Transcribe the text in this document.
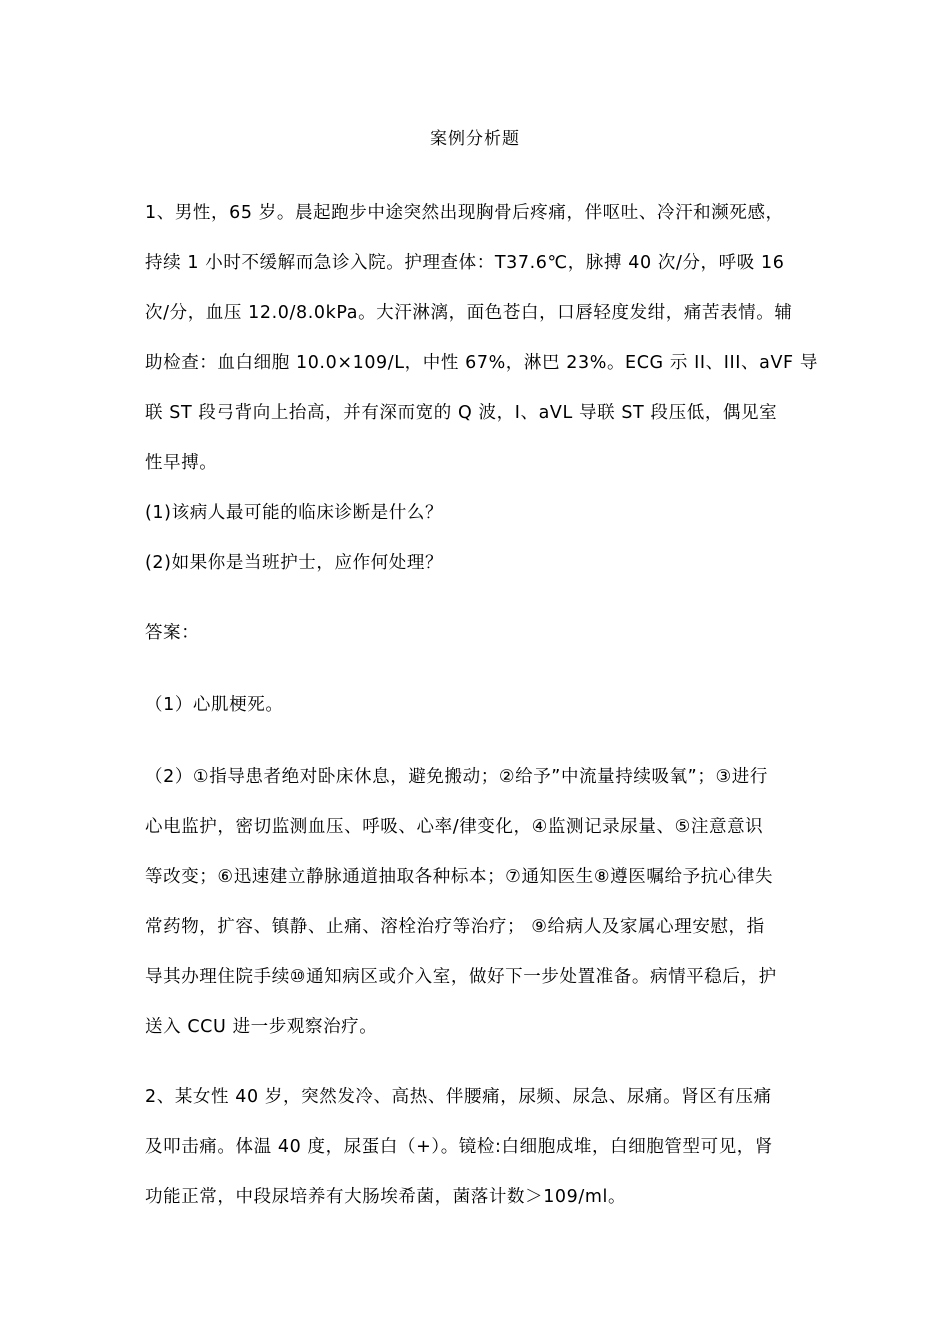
案例分析题
1、男性，65 岁。晨起跑步中途突然出现胸骨后疼痛，伴呕吐、冷汗和濒死感，
持续 1 小时不缓解而急诊入院。护理查体：T37.6℃，脉搏 40 次/分，呼吸 16
次/分，血压 12.0/8.0kPa。大汗淋漓，面色苍白，口唇轻度发绀，痛苦表情。辅
助检查：血白细胞 10.0×109/L，中性 67%，淋巴 23%。ECG 示 II、III、aVF 导
联 ST 段弓背向上抬高，并有深而宽的 Q 波，I、aVL 导联 ST 段压低，偶见室
性早搏。
(1)该病人最可能的临床诊断是什么？
(2)如果你是当班护士，应作何处理？
答案：
（1）心肌梗死。
（2）①指导患者绝对卧床休息，避免搬动；②给予”中流量持续吸氧”；③进行
心电监护，密切监测血压、呼吸、心率/律变化，④监测记录尿量、⑤注意意识
等改变；⑥迅速建立静脉通道抽取各种标本；⑦通知医生⑧遵医嘱给予抗心律失
常药物，扩容、镇静、止痛、溶栓治疗等治疗； ⑨给病人及家属心理安慰，指
导其办理住院手续⑩通知病区或介入室，做好下一步处置准备。病情平稳后，护
送入 CCU 进一步观察治疗。
2、某女性 40 岁，突然发冷、高热、伴腰痛，尿频、尿急、尿痛。肾区有压痛
及叩击痛。体温 40 度，尿蛋白（+）。镜检:白细胞成堆，白细胞管型可见，肾
功能正常，中段尿培养有大肠埃希菌，菌落计数＞109/ml。
